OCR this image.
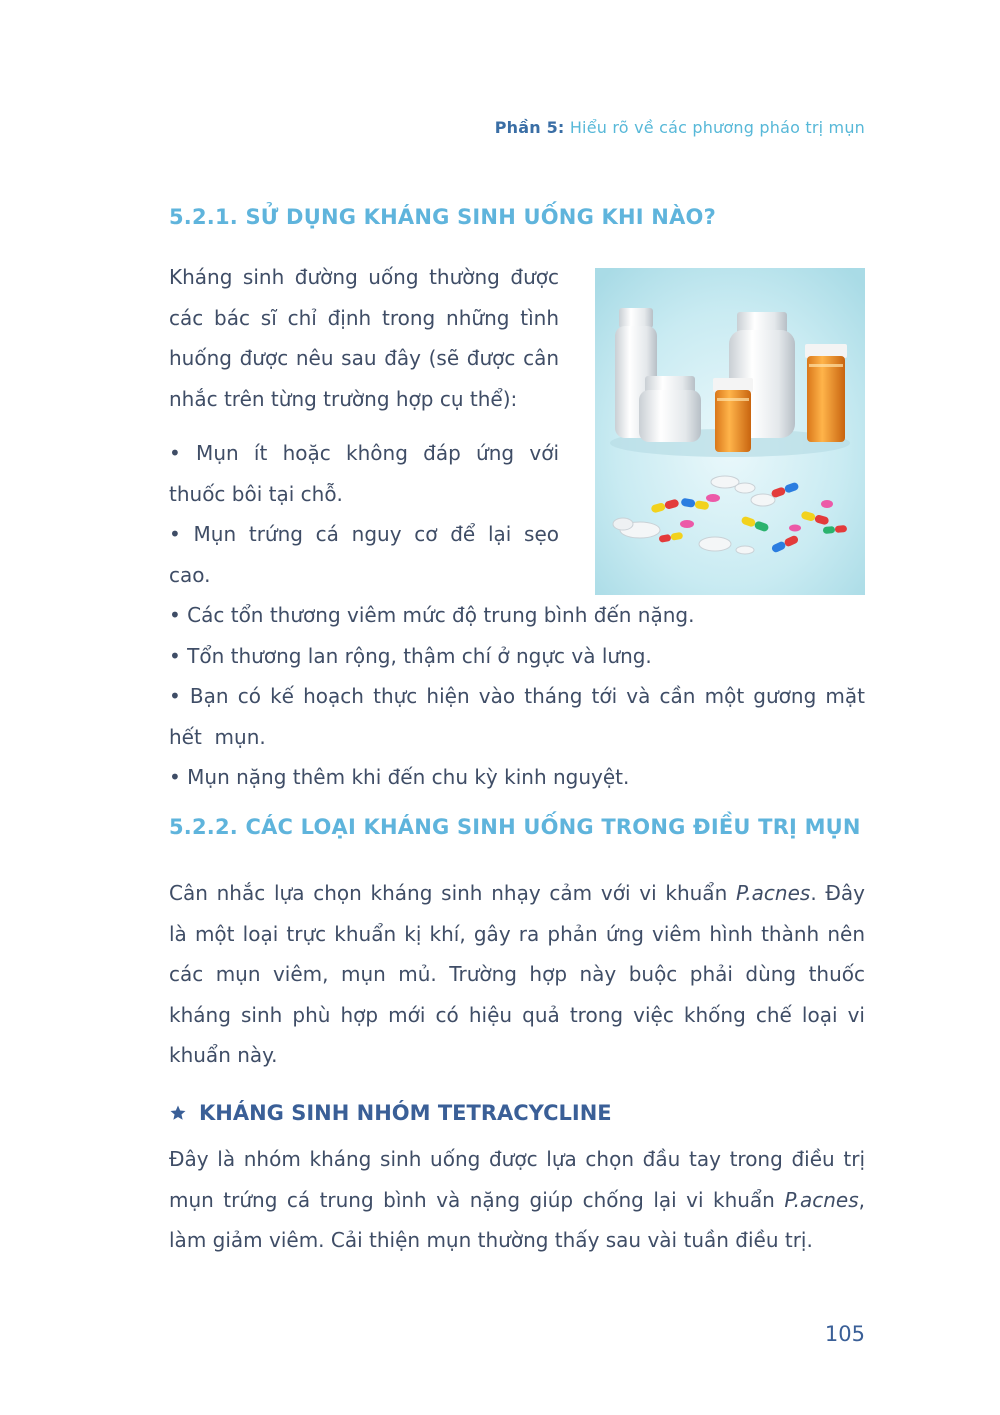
Phần 5: Hiểu rõ về các phương pháo trị mụn
5.2.1. SỬ DỤNG KHÁNG SINH UỐNG KHI NÀO?
Kháng sinh đường uống thường được
các bác sĩ chỉ định trong những tình
huống được nêu sau đây (sẽ được cân
nhắc trên từng trường hợp cụ thể):
• Mụn ít hoặc không đáp ứng với
thuốc bôi tại chỗ.
• Mụn trứng cá nguy cơ để lại sẹo
cao.
• Các tổn thương viêm mức độ trung bình đến nặng.
• Tổn thương lan rộng, thậm chí ở ngực và lưng.
• Bạn có kế hoạch thực hiện vào tháng tới và cần một gương mặt
hết  mụn.
• Mụn nặng thêm khi đến chu kỳ kinh nguyệt.
5.2.2. CÁC LOẠI KHÁNG SINH UỐNG TRONG ĐIỀU TRỊ MỤN
Cân nhắc lựa chọn kháng sinh nhạy cảm với vi khuẩn P.acnes. Đây
là một loại trực khuẩn kị khí, gây ra phản ứng viêm hình thành nên
các mụn viêm, mụn mủ. Trường hợp này buộc phải dùng thuốc
kháng sinh phù hợp mới có hiệu quả trong việc khống chế loại vi
khuẩn này.
KHÁNG SINH NHÓM TETRACYCLINE
Đây là nhóm kháng sinh uống được lựa chọn đầu tay trong điều trị
mụn trứng cá trung bình và nặng giúp chống lại vi khuẩn P.acnes,
làm giảm viêm. Cải thiện mụn thường thấy sau vài tuần điều trị.
105
